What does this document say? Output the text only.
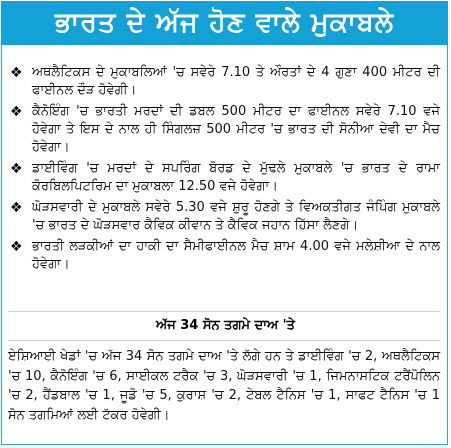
ਭਾਰਤ ਦੇ ਅੱਜ ਹੋਣ ਵਾਲੇ ਮੁਕਾਬਲੇ
❖ ਅਥਲੈਟਿਕਸ ਦੇ ਮੁਕਾਬਲਿਆਂ 'ਚ ਸਵੇਰੇ 7.10 ਤੇ ਔਰਤਾਂ ਦੇ 4 ਗੁਣਾ 400 ਮੀਟਰ ਦੀ ਫਾਈਨਲ ਦੌੜ ਹੋਵੇਗੀ।
❖ ਕੈਨੋਇੰਗ 'ਚ ਭਾਰਤੀ ਮਰਦਾਂ ਦੀ ਡਬਲ 500 ਮੀਟਰ ਦਾ ਫਾਈਨਲ ਸਵੇਰੇ 7.10 ਵਜੇ ਹੋਵੇਗਾ ਤੇ ਇਸ ਦੇ ਨਾਲ ਹੀ ਸਿੰਗਲਜ਼ 500 ਮੀਟਰ 'ਚ ਭਾਰਤ ਦੀ ਸੋਨੀਆ ਦੇਵੀ ਦਾ ਮੈਚ ਹੋਵੇਗਾ।
❖ ਡਾਈਵਿੰਗ 'ਚ ਮਰਦਾਂ ਦੇ ਸਪਰਿੰਗ ਬੋਰਡ ਦੇ ਮੁੱਢਲੇ ਮੁਕਾਬਲੇ 'ਚ ਭਾਰਤ ਦੇ ਰਾਮਾ ਕੋਰਬਿਲਪਿਟਰਿਮ ਦਾ ਮੁਕਾਬਲਾ 12.50 ਵਜੇ ਹੋਵੇਗਾ।
❖ ਘੋੜਸਵਾਰੀ ਦੇ ਮੁਕਾਬਲੇ ਸਵੇਰੇ 5.30 ਵਜੇ ਸ਼ੁਰੂ ਹੋਣਗੇ ਤੇ ਵਿਅਕਤੀਗਤ ਜੰਪਿੰਗ ਮੁਕਾਬਲੇ 'ਚ ਭਾਰਤ ਦੇ ਘੋੜਸਵਾਰ ਕੈਵਿਕ ਕੀਵਾਨ ਤੇ ਕੈਵਿਕ ਜਹਾਨ ਹਿੱਸਾ ਲੈਣਗੇ।
❖ ਭਾਰਤੀ ਲੜਕੀਆਂ ਦਾ ਹਾਕੀ ਦਾ ਸੈਮੀਫਾਈਨਲ ਮੈਚ ਸ਼ਾਮ 4.00 ਵਜੇ ਮਲੇਸ਼ੀਆ ਦੇ ਨਾਲ ਹੋਵੇਗਾ।
ਅੱਜ 34 ਸੋਨ ਤਗਮੇ ਦਾਅ 'ਤੇ
ਏਸ਼ਿਆਈ ਖੇਡਾਂ 'ਚ ਅੱਜ 34 ਸੋਨ ਤਗਮੇ ਦਾਅ 'ਤੇ ਲੱਗੇ ਹਨ ਤੇ ਡਾਈਵਿੰਗ 'ਚ 2, ਅਥਲੈਟਿਕਸ 'ਚ 10, ਕੈਨੋਇੰਗ 'ਚ 6, ਸਾਈਕਲ ਟਰੈਕ 'ਚ 3, ਘੋੜਸਵਾਰੀ 'ਚ 1, ਜਿਮਨਾਸਟਿਕ ਟਰੈਂਪੋਲਿਨ 'ਚ 2, ਹੈਂਡਬਾਲ 'ਚ 1, ਜੂਡੋ 'ਚ 5, ਕੁਰਾਸ਼ 'ਚ 2, ਟੇਬਲ ਟੈਨਿਸ 'ਚ 1, ਸਾਫਟ ਟੈਨਿਸ 'ਚ 1 ਸੋਨ ਤਗਮਿਆਂ ਲਈ ਟੱਕਰ ਹੋਵੇਗੀ।
